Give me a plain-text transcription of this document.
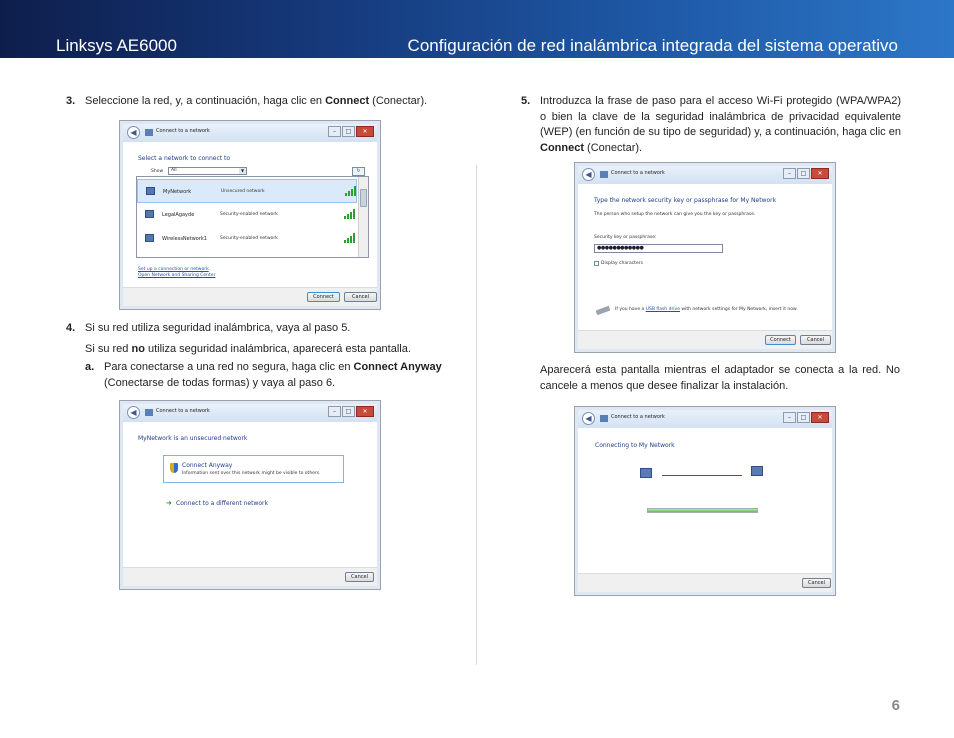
Linksys AE6000	Configuración de red inalámbrica integrada del sistema operativo
3. Seleccione la red, y, a continuación, haga clic en Connect (Conectar).
◀	Connect to a network	–	□	✕
Select a network to connect to
Show	All	▼	↻
MyNetwork	Unsecured network
LegalAgayde	Security-enabled network
WirelessNetwork1	Security-enabled network
Set up a connection or network
Open Network and Sharing Center
Connect	Cancel
4. Si su red utiliza seguridad inalámbrica, vaya al paso 5.
Si su red no utiliza seguridad inalámbrica, aparecerá esta pantalla.
a. Para conectarse a una red no segura, haga clic en Connect Anyway (Conectarse de todas formas) y vaya al paso 6.
◀	Connect to a network	–	□	✕
MyNetwork is an unsecured network
Connect Anyway
Information sent over this network might be visible to others.
➜ Connect to a different network
Cancel
5. Introduzca la frase de paso para el acceso Wi-Fi protegido (WPA/WPA2) o bien la clave de la seguridad inalámbrica de privacidad equivalente (WEP) (en función de su tipo de seguridad) y, a continuación, haga clic en Connect (Conectar).
◀	Connect to a network	–	□	✕
Type the network security key or passphrase for My Network
The person who setup the network can give you the key or passphrase.
Security key or passphrase:
●●●●●●●●●●●●
Display characters
If you have a USB flash drive with network settings for My Network, insert it now.
Connect	Cancel
Aparecerá esta pantalla mientras el adaptador se conecta a la red. No cancele a menos que desee finalizar la instalación.
◀	Connect to a network	–	□	✕
Connecting to My Network
Cancel
6
